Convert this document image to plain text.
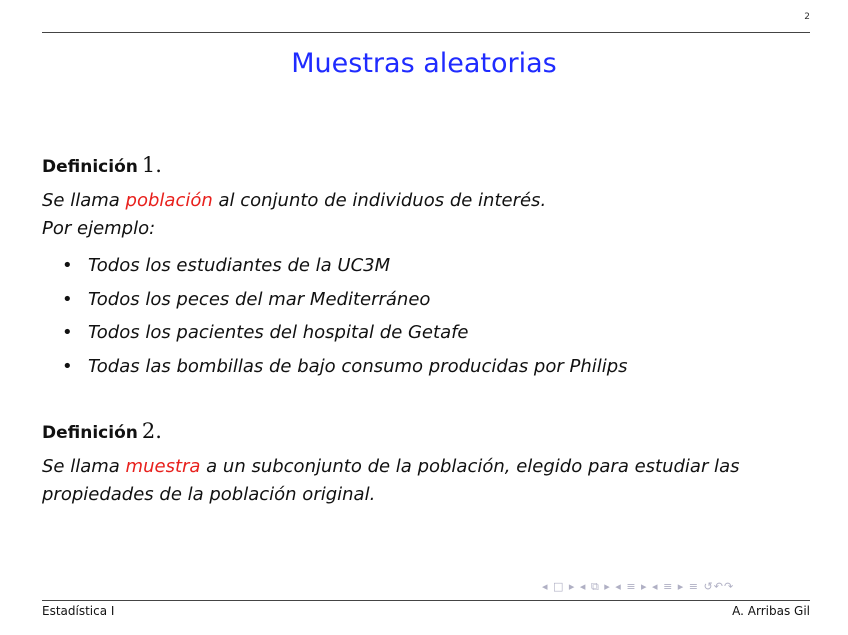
2
Muestras aleatorias
Definición 1.
Se llama población al conjunto de individuos de interés.
Por ejemplo:
• Todos los estudiantes de la UC3M
• Todos los peces del mar Mediterráneo
• Todos los pacientes del hospital de Getafe
• Todas las bombillas de bajo consumo producidas por Philips
Definición 2.
Se llama muestra a un subconjunto de la población, elegido para estudiar las
propiedades de la población original.
◂ □ ▸ ◂ ⧉ ▸ ◂ ≡ ▸ ◂ ≡ ▸ ≡ ↺↶↷
Estadística I	A. Arribas Gil
